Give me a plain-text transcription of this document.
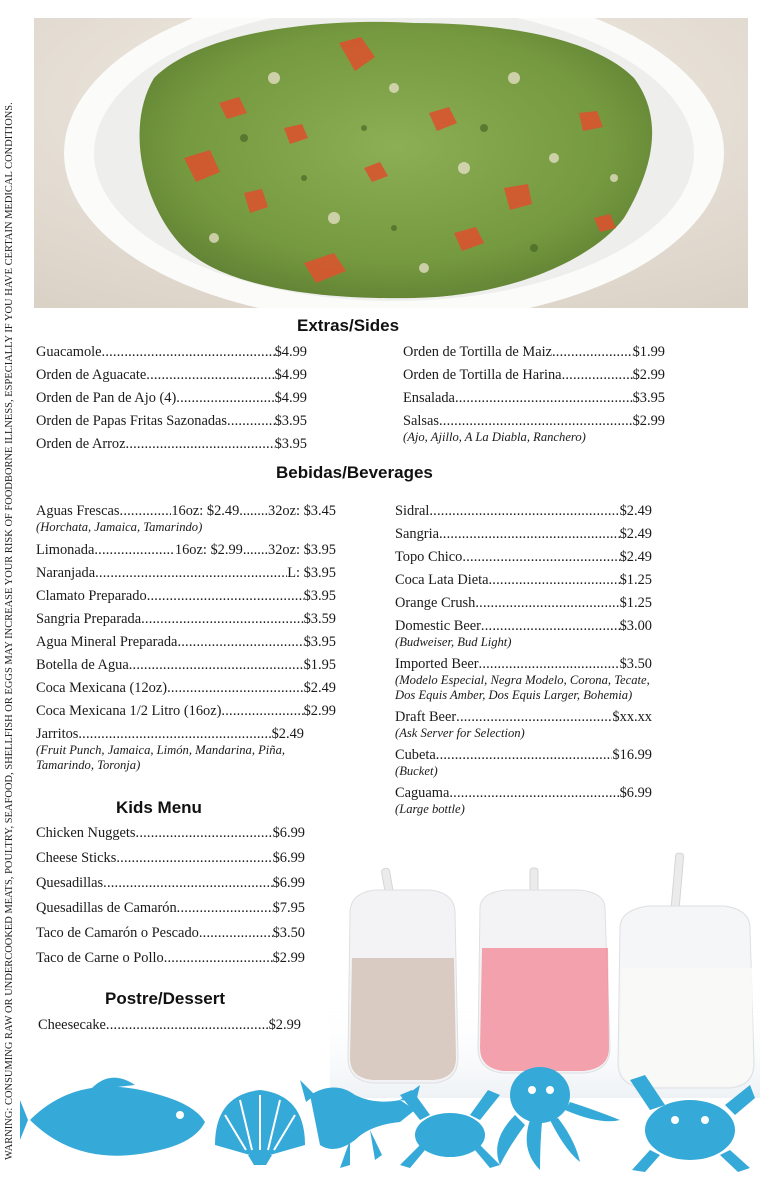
WARNING: CONSUMING RAW OR UNDERCOOKED MEATS, POULTRY, SEAFOOD, SHELLFISH OR EGGS MAY INCREASE YOUR RISK OF FOODBORNE ILLNESS, ESPECIALLY IF YOU HAVE CERTAIN MEDICAL CONDITIONS.	Extras/Sides
Guacamole .....	$4.99
Orden de Aguacate .....	$4.99
Orden de Pan de Ajo (4) .....	$4.99
Orden de Papas Fritas Sazonadas .....	$3.95
Orden de Arroz .....	$3.95
Orden de Tortilla de Maiz .....	$1.99
Orden de Tortilla de Harina .....	$2.99
Ensalada .....	$3.95
Salsas .....	$2.99
(Ajo, Ajillo, A La Diabla, Ranchero)
Bebidas/Beverages
Aguas Frescas .....	16oz: $2.49........32oz: $3.45
(Horchata, Jamaica, Tamarindo)
Limonada .....	16oz: $2.99.......32oz: $3.95
Naranjada .....	L: $3.95
Clamato Preparado .....	$3.95
Sangria Preparada .....	$3.59
Agua Mineral Preparada .....	$3.95
Botella de Agua .....	$1.95
Coca Mexicana (12oz) .....	$2.49
Coca Mexicana 1/2 Litro (16oz) .....	$2.99
Jarritos .....	$2.49
(Fruit Punch, Jamaica, Limón, Mandarina, Piña, Tamarindo, Toronja)
Sidral .....	$2.49
Sangria .....	$2.49
Topo Chico .....	$2.49
Coca Lata Dieta .....	$1.25
Orange Crush .....	$1.25
Domestic Beer .....	$3.00
(Budweiser, Bud Light)
Imported Beer .....	$3.50
(Modelo Especial, Negra Modelo, Corona, Tecate, Dos Equis Amber, Dos Equis Larger, Bohemia)
Draft Beer .....	$xx.xx
(Ask Server for Selection)
Cubeta .....	$16.99
(Bucket)
Caguama .....	$6.99
(Large bottle)
Kids Menu
Chicken Nuggets .....	$6.99
Cheese Sticks .....	$6.99
Quesadillas .....	$6.99
Quesadillas de Camarón .....	$7.95
Taco de Camarón o Pescado .....	$3.50
Taco de Carne o Pollo .....	$2.99
Postre/Dessert
Cheesecake .....	$2.99
